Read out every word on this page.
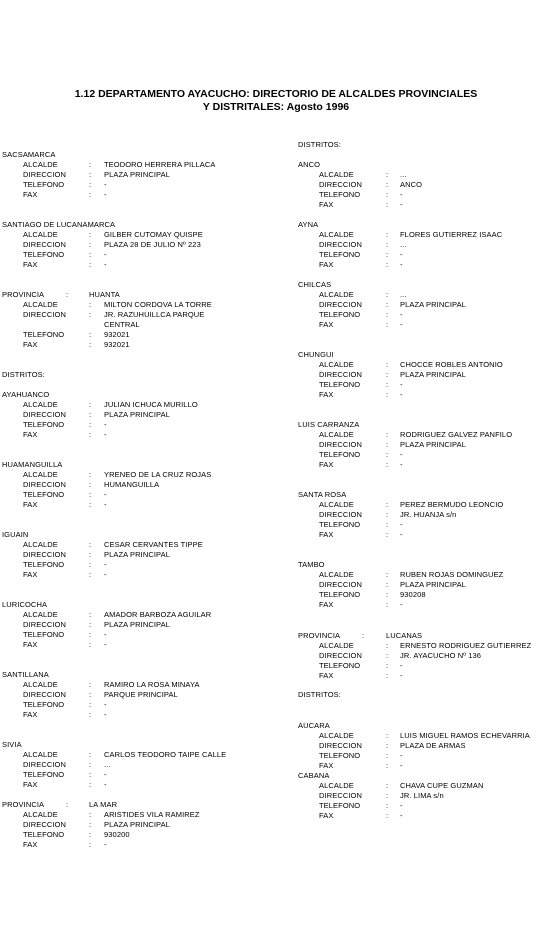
1.12 DEPARTAMENTO AYACUCHO: DIRECTORIO DE ALCALDES PROVINCIALES
Y DISTRITALES: Agosto 1996
SACSAMARCA
ALCALDE	: TEODORO HERRERA PILLACA
DIRECCION	: PLAZA PRINCIPAL
TELEFONO	: -
FAX	: -
SANTIAGO DE LUCANAMARCA
ALCALDE	: GILBER CUTOMAY QUISPE
DIRECCION	: PLAZA 28 DE JULIO Nº 223
TELEFONO	: -
FAX	: -
PROVINCIA	:	HUANTA
ALCALDE	: MILTON CORDOVA LA TORRE
DIRECCION	: JR. RAZUHUILLCA PARQUE
CENTRAL
TELEFONO	: 932021
FAX	: 932021
DISTRITOS:
AYAHUANCO
ALCALDE	: JULIAN ICHUCA MURILLO
DIRECCION	: PLAZA PRINCIPAL
TELEFONO	: -
FAX	: -
HUAMANGUILLA
ALCALDE	: YRENEO DE LA CRUZ ROJAS
DIRECCION	: HUMANGUILLA
TELEFONO	: -
FAX	: -
IGUAIN
ALCALDE	: CESAR CERVANTES TIPPE
DIRECCION	: PLAZA PRINCIPAL
TELEFONO	: -
FAX	: -
LURICOCHA
ALCALDE	: AMADOR BARBOZA AGUILAR
DIRECCION	: PLAZA PRINCIPAL
TELEFONO	: -
FAX	: -
SANTILLANA
ALCALDE	: RAMIRO LA ROSA MINAYA
DIRECCION	: PARQUE PRINCIPAL
TELEFONO	: -
FAX	: -
SIVIA
ALCALDE	: CARLOS TEODORO TAIPE CALLE
DIRECCION	: ...
TELEFONO	: -
FAX	: -
PROVINCIA	:	LA MAR
ALCALDE	: ARISTIDES VILA RAMIREZ
DIRECCION	: PLAZA PRINCIPAL
TELEFONO	: 930200
FAX	: -
DISTRITOS:
ANCO
ALCALDE	: ...
DIRECCION	: ANCO
TELEFONO	: -
FAX	: -
AYNA
ALCALDE	: FLORES GUTIERREZ ISAAC
DIRECCION	: ...
TELEFONO	: -
FAX	: -
CHILCAS
ALCALDE	: ...
DIRECCION	: PLAZA PRINCIPAL
TELEFONO	: -
FAX	: -
CHUNGUI
ALCALDE	: CHOCCE ROBLES ANTONIO
DIRECCION	: PLAZA PRINCIPAL
TELEFONO	: -
FAX	: -
LUIS CARRANZA
ALCALDE	: RODRIGUEZ GALVEZ PANFILO
DIRECCION	: PLAZA PRINCIPAL
TELEFONO	: -
FAX	: -
SANTA ROSA
ALCALDE	: PEREZ BERMUDO LEONCIO
DIRECCION	: JR. HUANJA s/n
TELEFONO	: -
FAX	: -
TAMBO
ALCALDE	: RUBEN ROJAS DOMINGUEZ
DIRECCION	: PLAZA PRINCIPAL
TELEFONO	: 930208
FAX	: -
PROVINCIA	:	LUCANAS
ALCALDE	: ERNESTO RODRIGUEZ GUTIERREZ
DIRECCION	: JR. AYACUCHO Nº 136
TELEFONO	: -
FAX	: -
DISTRITOS:
AUCARA
ALCALDE	: LUIS MIGUEL RAMOS ECHEVARRIA
DIRECCION	: PLAZA DE ARMAS
TELEFONO	: -
FAX	: -
CABANA
ALCALDE	: CHAVA CUPE GUZMAN
DIRECCION	: JR. LIMA s/n
TELEFONO	: -
FAX	: -
